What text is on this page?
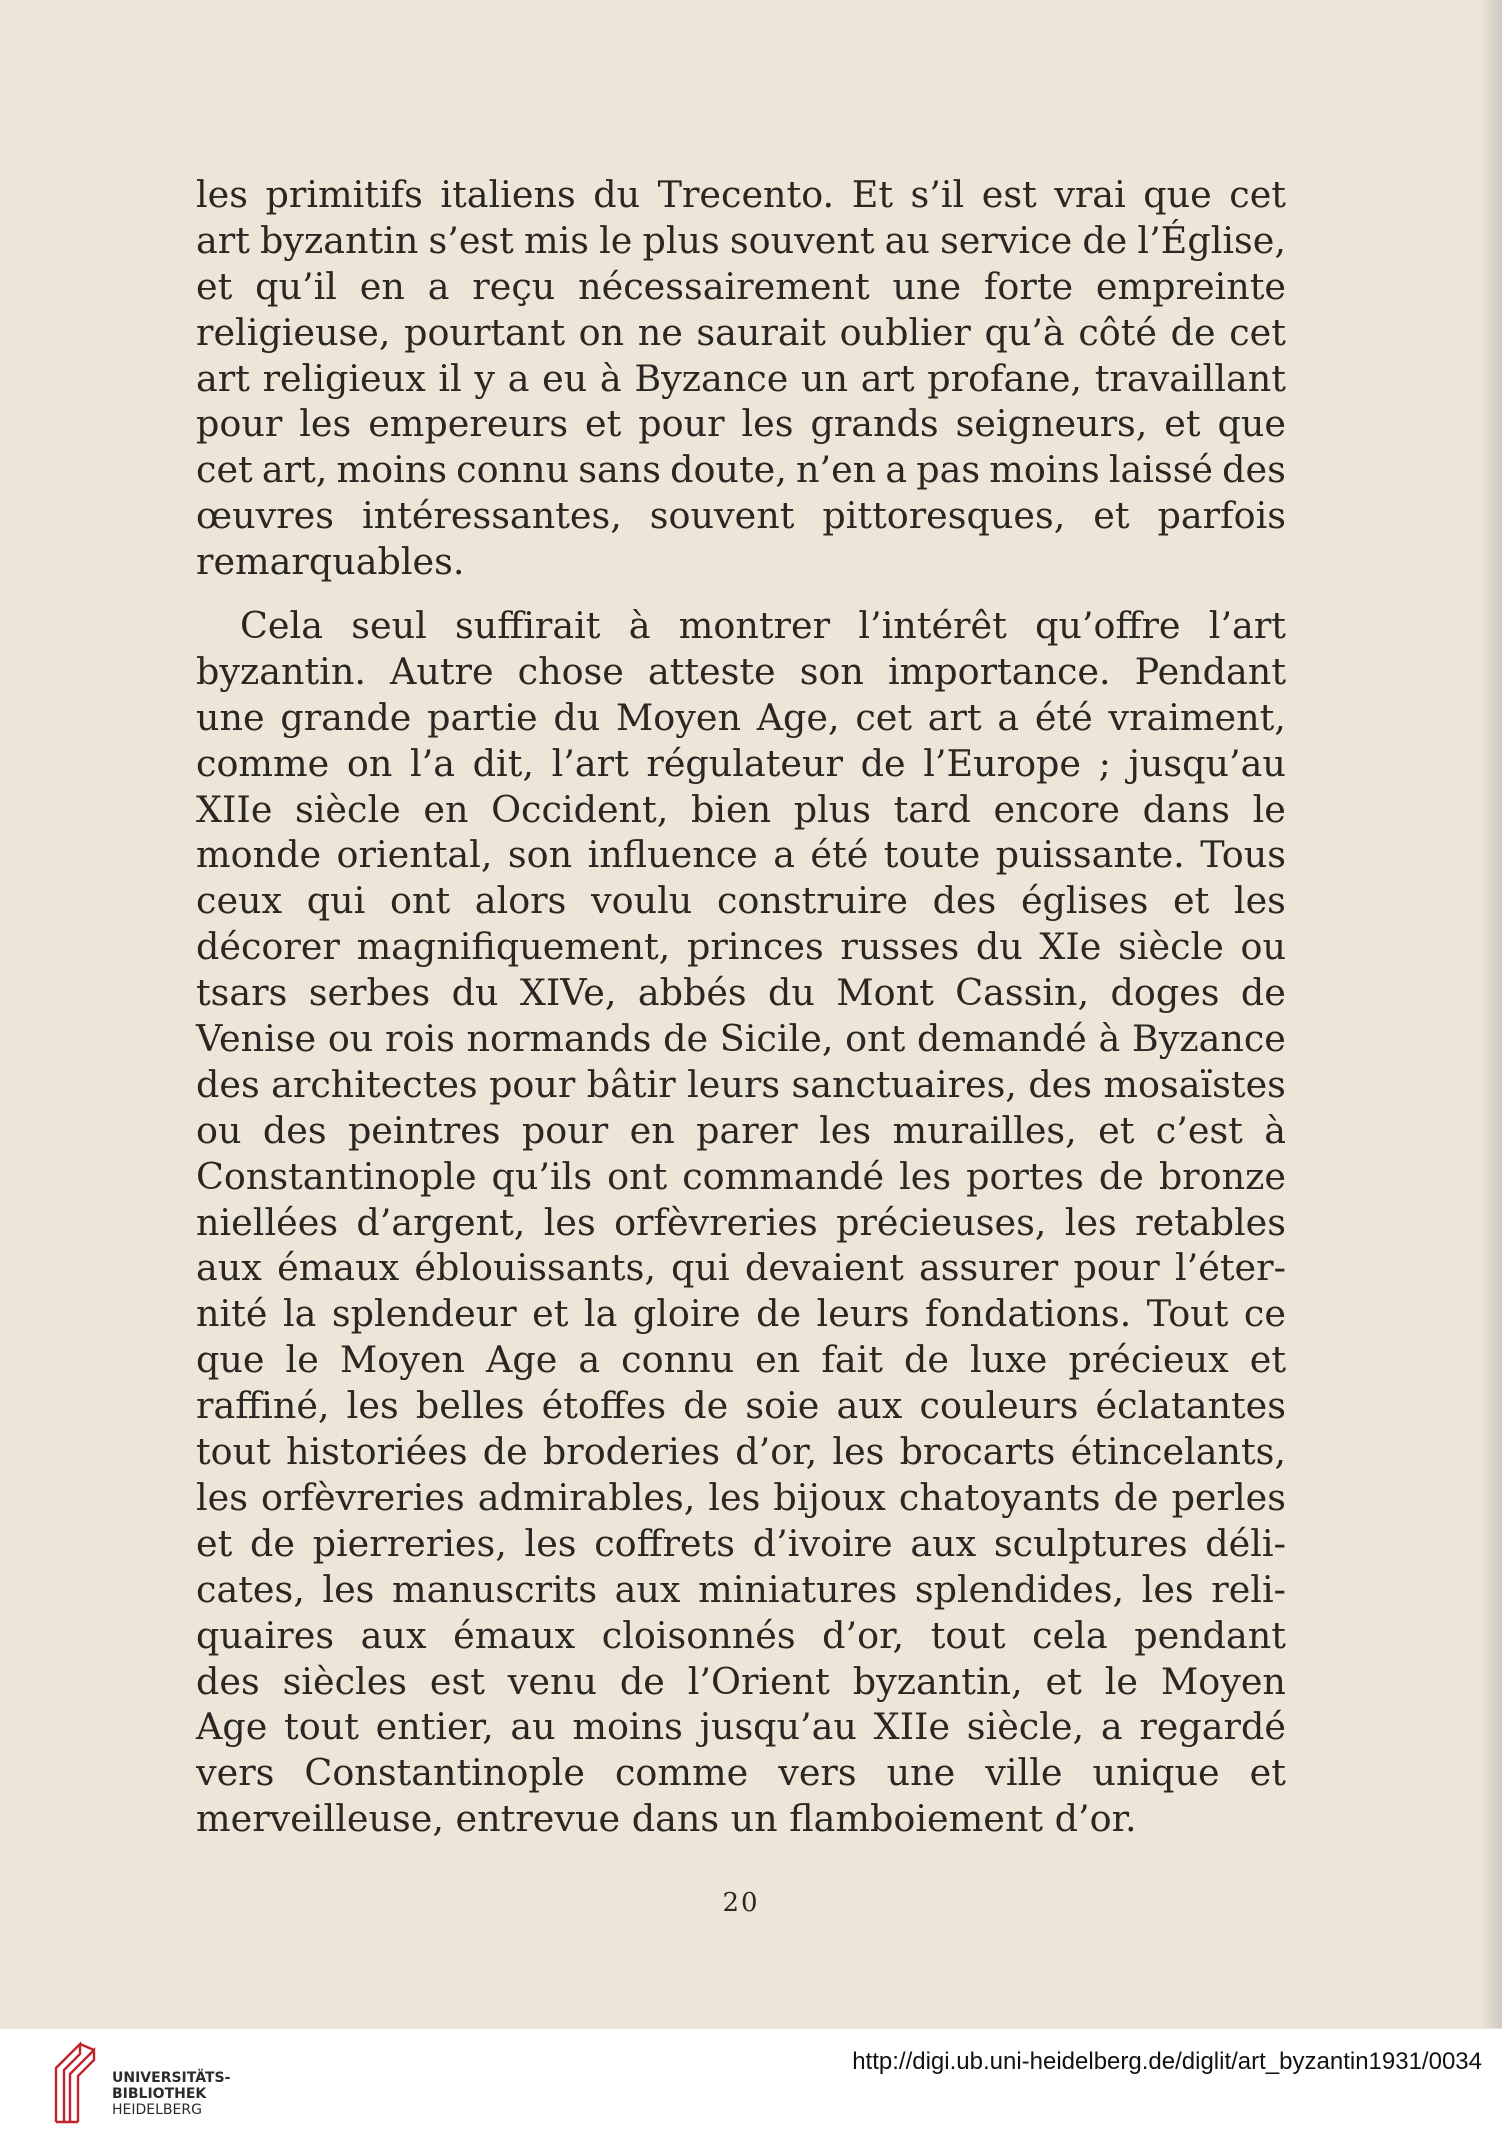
les primitifs italiens du Trecento. Et s’il est vrai que cet
art byzantin s’est mis le plus souvent au service de l’Église,
et qu’il en a reçu nécessairement une forte empreinte
religieuse, pourtant on ne saurait oublier qu’à côté de cet
art religieux il y a eu à Byzance un art profane, travaillant
pour les empereurs et pour les grands seigneurs, et que
cet art, moins connu sans doute, n’en a pas moins laissé des
œuvres intéressantes, souvent pittoresques, et parfois
remarquables.
Cela seul suffirait à montrer l’intérêt qu’offre l’art
byzantin. Autre chose atteste son importance. Pendant
une grande partie du Moyen Age, cet art a été vraiment,
comme on l’a dit, l’art régulateur de l’Europe ; jusqu’au
XIIe siècle en Occident, bien plus tard encore dans le
monde oriental, son influence a été toute puissante. Tous
ceux qui ont alors voulu construire des églises et les
décorer magnifiquement, princes russes du XIe siècle ou
tsars serbes du XIVe, abbés du Mont Cassin, doges de
Venise ou rois normands de Sicile, ont demandé à Byzance
des architectes pour bâtir leurs sanctuaires, des mosaïstes
ou des peintres pour en parer les murailles, et c’est à
Constantinople qu’ils ont commandé les portes de bronze
niellées d’argent, les orfèvreries précieuses, les retables
aux émaux éblouissants, qui devaient assurer pour l’éter-
nité la splendeur et la gloire de leurs fondations. Tout ce
que le Moyen Age a connu en fait de luxe précieux et
raffiné, les belles étoffes de soie aux couleurs éclatantes
tout historiées de broderies d’or, les brocarts étincelants,
les orfèvreries admirables, les bijoux chatoyants de perles
et de pierreries, les coffrets d’ivoire aux sculptures déli-
cates, les manuscrits aux miniatures splendides, les reli-
quaires aux émaux cloisonnés d’or, tout cela pendant
des siècles est venu de l’Orient byzantin, et le Moyen
Age tout entier, au moins jusqu’au XIIe siècle, a regardé
vers Constantinople comme vers une ville unique et
merveilleuse, entrevue dans un flamboiement d’or.
20
UNIVERSITÄTS-
BIBLIOTHEK
HEIDELBERG
http://digi.ub.uni-heidelberg.de/diglit/art_byzantin1931/0034
